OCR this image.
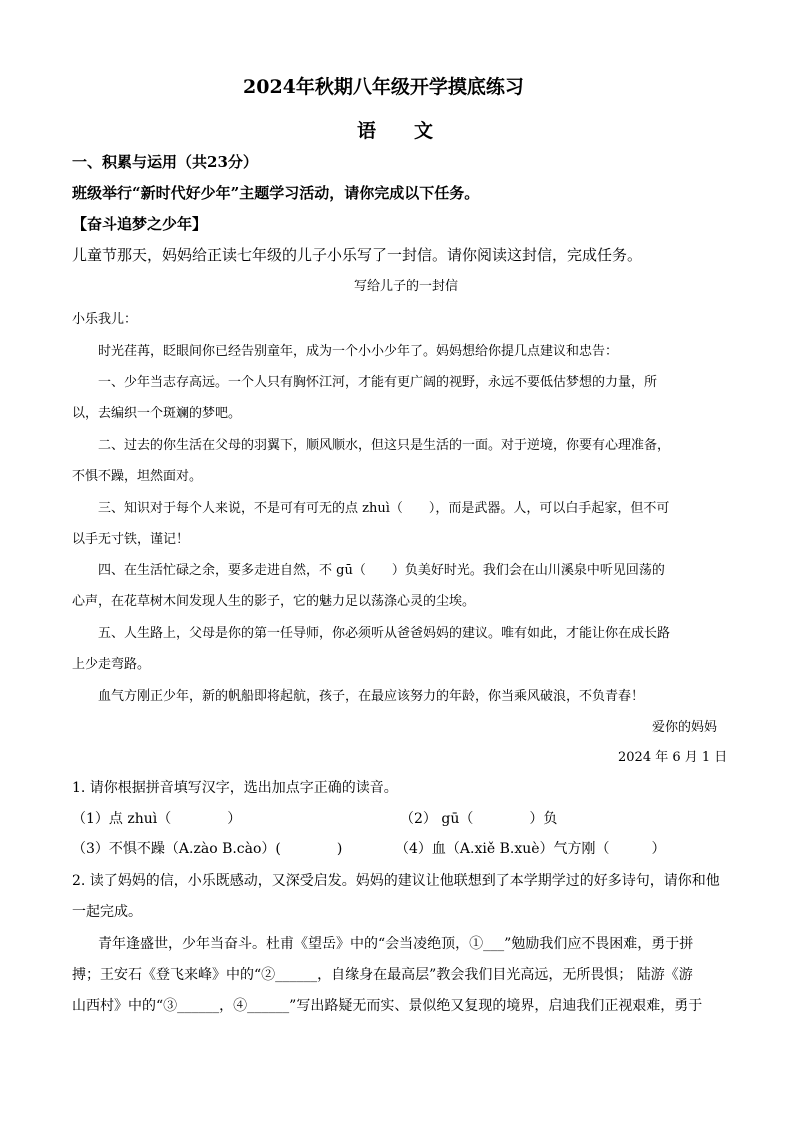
2024年秋期八年级开学摸底练习
语　　文
一、积累与运用（共23分）
班级举行“新时代好少年”主题学习活动，请你完成以下任务。
【奋斗追梦之少年】
儿童节那天，妈妈给正读七年级的儿子小乐写了一封信。请你阅读这封信，完成任务。
写给儿子的一封信
小乐我儿：
时光荏苒，眨眼间你已经告别童年，成为一个小小少年了。妈妈想给你提几点建议和忠告：
一、少年当志存高远。一个人只有胸怀江河，才能有更广阔的视野，永远不要低估梦想的力量，所
以，去编织一个斑斓的梦吧。
二、过去的你生活在父母的羽翼下，顺风顺水，但这只是生活的一面。对于逆境，你要有心理准备，
不惧不躁，坦然面对。
三、知识对于每个人来说，不是可有可无的点 zhuì（　　），而是武器。人，可以白手起家，但不可
以手无寸铁，谨记！
四、在生活忙碌之余，要多走进自然，不 gū（　　）负美好时光。我们会在山川溪泉中听见回荡的
心声，在花草树木间发现人生的影子，它的魅力足以荡涤心灵的尘埃。
五、人生路上，父母是你的第一任导师，你必须听从爸爸妈妈的建议。唯有如此，才能让你在成长路
上少走弯路。
血气方刚正少年，新的帆船即将起航，孩子，在最应该努力的年龄，你当乘风破浪，不负青春！
爱你的妈妈
2024 年 6 月 1 日
1. 请你根据拼音填写汉字，选出加点字正确的读音。
（1）点 zhuì（　　　　）	（2） gū（　　　　）负
（3）不惧不躁（A.zào B.cào）(　　　　)	（4）血（A.xiě B.xuè）气方刚（　　　）
2. 读了妈妈的信，小乐既感动，又深受启发。妈妈的建议让他联想到了本学期学过的好多诗句，请你和他
一起完成。
青年逢盛世，少年当奋斗。杜甫《望岳》中的“会当凌绝顶，①___”勉励我们应不畏困难，勇于拼
搏；王安石《登飞来峰》中的“②______，自缘身在最高层”教会我们目光高远，无所畏惧； 陆游《游
山西村》中的“③______，④______”写出路疑无而实、景似绝又复现的境界，启迪我们正视艰难，勇于
